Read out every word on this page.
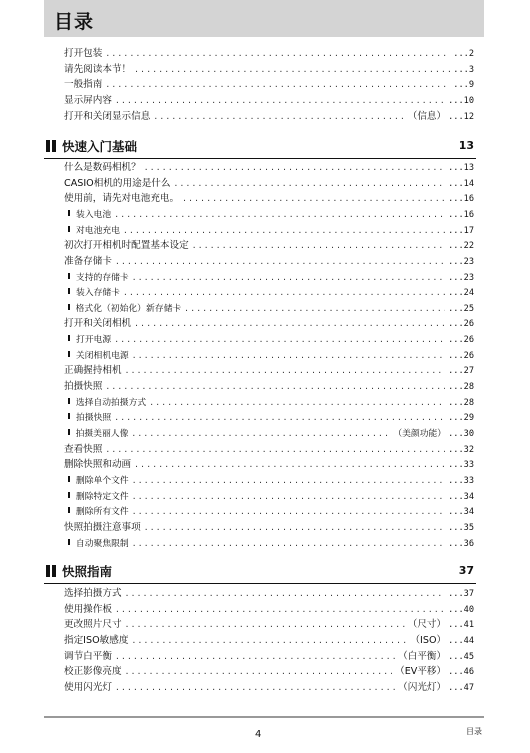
目录
打开包装 .....	...2
请先阅读本节！ .....	...3
一般指南 .....	...9
显示屏内容 .....	...10
打开和关闭显示信息 .....	（信息） ...12
快速入门基础	13
什么是数码相机？ .....	...13
CASIO相机的用途是什么 .....	...14
使用前，请先对电池充电。 .....	...16
装入电池 .....	...16
对电池充电 .....	...17
初次打开相机时配置基本设定 .....	...22
准备存储卡 .....	...23
支持的存储卡 .....	...23
装入存储卡 .....	...24
格式化（初始化）新存储卡 .....	...25
打开和关闭相机 .....	...26
打开电源 .....	...26
关闭相机电源 .....	...26
正确握持相机 .....	...27
拍摄快照 .....	...28
选择自动拍摄方式 .....	...28
拍摄快照 .....	...29
拍摄美丽人像 .....	（美颜功能） ...30
查看快照 .....	...32
删除快照和动画 .....	...33
删除单个文件 .....	...33
删除特定文件 .....	...34
删除所有文件 .....	...34
快照拍摄注意事项 .....	...35
自动聚焦限制 .....	...36
快照指南	37
选择拍摄方式 .....	...37
使用操作板 .....	...40
更改照片尺寸 .....	（尺寸） ...41
指定ISO敏感度 .....	（ISO） ...44
调节白平衡 .....	（白平衡） ...45
校正影像亮度 .....	（EV平移） ...46
使用闪光灯 .....	（闪光灯） ...47
4	目录
